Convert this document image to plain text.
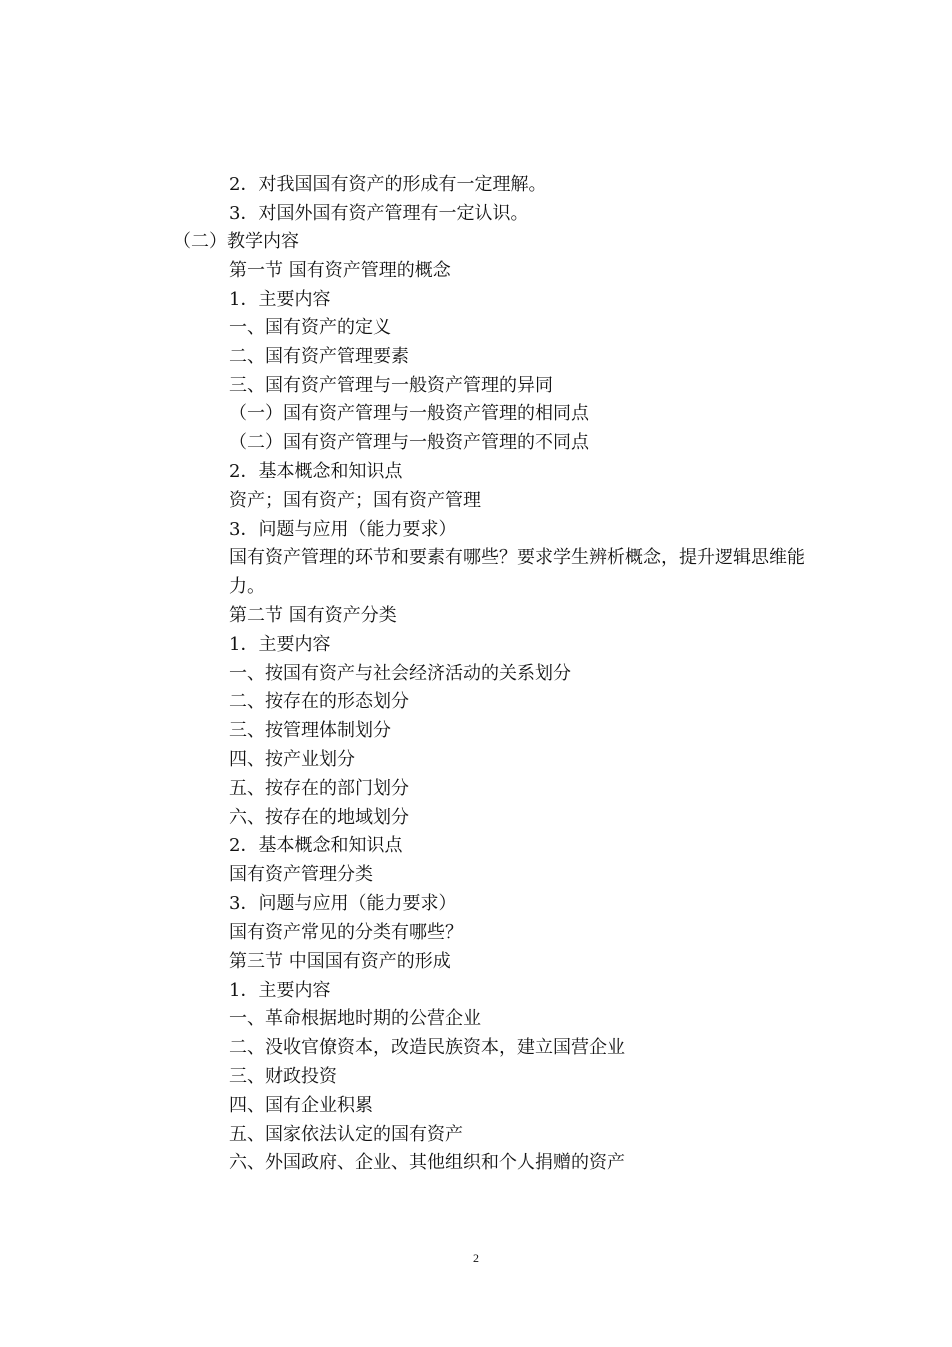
2．对我国国有资产的形成有一定理解。
3．对国外国有资产管理有一定认识。
（二）教学内容
第一节 国有资产管理的概念
1．主要内容
一、国有资产的定义
二、国有资产管理要素
三、国有资产管理与一般资产管理的异同
（一）国有资产管理与一般资产管理的相同点
（二）国有资产管理与一般资产管理的不同点
2．基本概念和知识点
资产；国有资产；国有资产管理
3．问题与应用（能力要求）
国有资产管理的环节和要素有哪些？要求学生辨析概念，提升逻辑思维能
力。
第二节 国有资产分类
1．主要内容
一、按国有资产与社会经济活动的关系划分
二、按存在的形态划分
三、按管理体制划分
四、按产业划分
五、按存在的部门划分
六、按存在的地域划分
2．基本概念和知识点
国有资产管理分类
3．问题与应用（能力要求）
国有资产常见的分类有哪些？
第三节 中国国有资产的形成
1．主要内容
一、革命根据地时期的公营企业
二、没收官僚资本，改造民族资本，建立国营企业
三、财政投资
四、国有企业积累
五、国家依法认定的国有资产
六、外国政府、企业、其他组织和个人捐赠的资产
2
